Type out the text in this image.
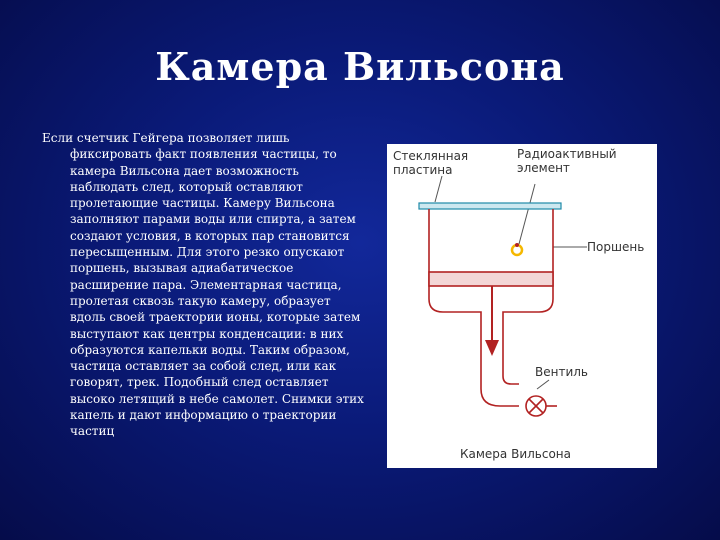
Камера Вильсона

Если счетчик Гейгера позволяет лишь фиксировать факт появления частицы, то камера Вильсона дает возможность наблюдать след, который оставляют пролетающие частицы. Камеру Вильсона заполняют парами воды или спирта, а затем создают условия, в которых пар становится пересыщенным. Для этого резко опускают поршень, вызывая адиабатическое расширение пара. Элементарная частица, пролетая сквозь такую камеру, образует вдоль своей траектории ионы, которые затем выступают как центры конденсации: в них образуются капельки воды. Таким образом, частица оставляет за собой след, или как говорят, трек. Подобный след оставляет высоко летящий в небе самолет. Снимки этих капель и дают информацию о траектории частиц

Стеклянная
пластина
Радиоактивный
элемент
Поршень
Вентиль
Камера Вильсона
